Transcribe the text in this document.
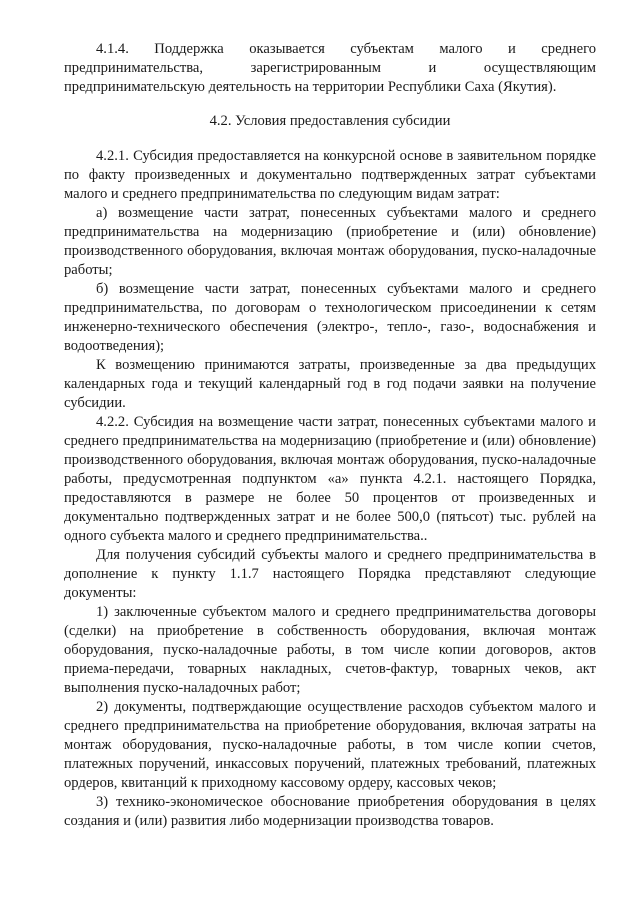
4.1.4. Поддержка оказывается субъектам малого и среднего предпринимательства, зарегистрированным и осуществляющим предпринимательскую деятельность на территории Республики Саха (Якутия).

4.2. Условия предоставления субсидии

4.2.1. Субсидия предоставляется на конкурсной основе в заявительном порядке по факту произведенных и документально подтвержденных затрат субъектами малого и среднего предпринимательства по следующим видам затрат:

а) возмещение части затрат, понесенных субъектами малого и среднего предпринимательства на модернизацию (приобретение и (или) обновление) производственного оборудования, включая монтаж оборудования, пуско-наладочные работы;

б) возмещение части затрат, понесенных субъектами малого и среднего предпринимательства, по договорам о технологическом присоединении к сетям инженерно-технического обеспечения (электро-, тепло-, газо-, водоснабжения и водоотведения);

К возмещению принимаются затраты, произведенные за два предыдущих календарных года и текущий календарный год в год подачи заявки на получение субсидии.

4.2.2. Субсидия на возмещение части затрат, понесенных субъектами малого и среднего предпринимательства на модернизацию (приобретение и (или) обновление) производственного оборудования, включая монтаж оборудования, пуско-наладочные работы, предусмотренная подпунктом «а» пункта 4.2.1. настоящего Порядка, предоставляются в размере не более 50 процентов от произведенных и документально подтвержденных затрат и не более 500,0 (пятьсот) тыс. рублей на одного субъекта малого и среднего предпринимательства..

Для получения субсидий субъекты малого и среднего предпринимательства в дополнение к пункту 1.1.7 настоящего Порядка представляют следующие документы:

1) заключенные субъектом малого и среднего предпринимательства договоры (сделки) на приобретение в собственность оборудования, включая монтаж оборудования, пуско-наладочные работы, в том числе копии договоров, актов приема-передачи, товарных накладных, счетов-фактур, товарных чеков, акт выполнения пуско-наладочных работ;

2) документы, подтверждающие осуществление расходов субъектом малого и среднего предпринимательства на приобретение оборудования, включая затраты на монтаж оборудования, пуско-наладочные работы, в том числе копии счетов, платежных поручений, инкассовых поручений, платежных требований, платежных ордеров, квитанций к приходному кассовому ордеру, кассовых чеков;

3) технико-экономическое обоснование приобретения оборудования в целях создания и (или) развития либо модернизации производства товаров.
